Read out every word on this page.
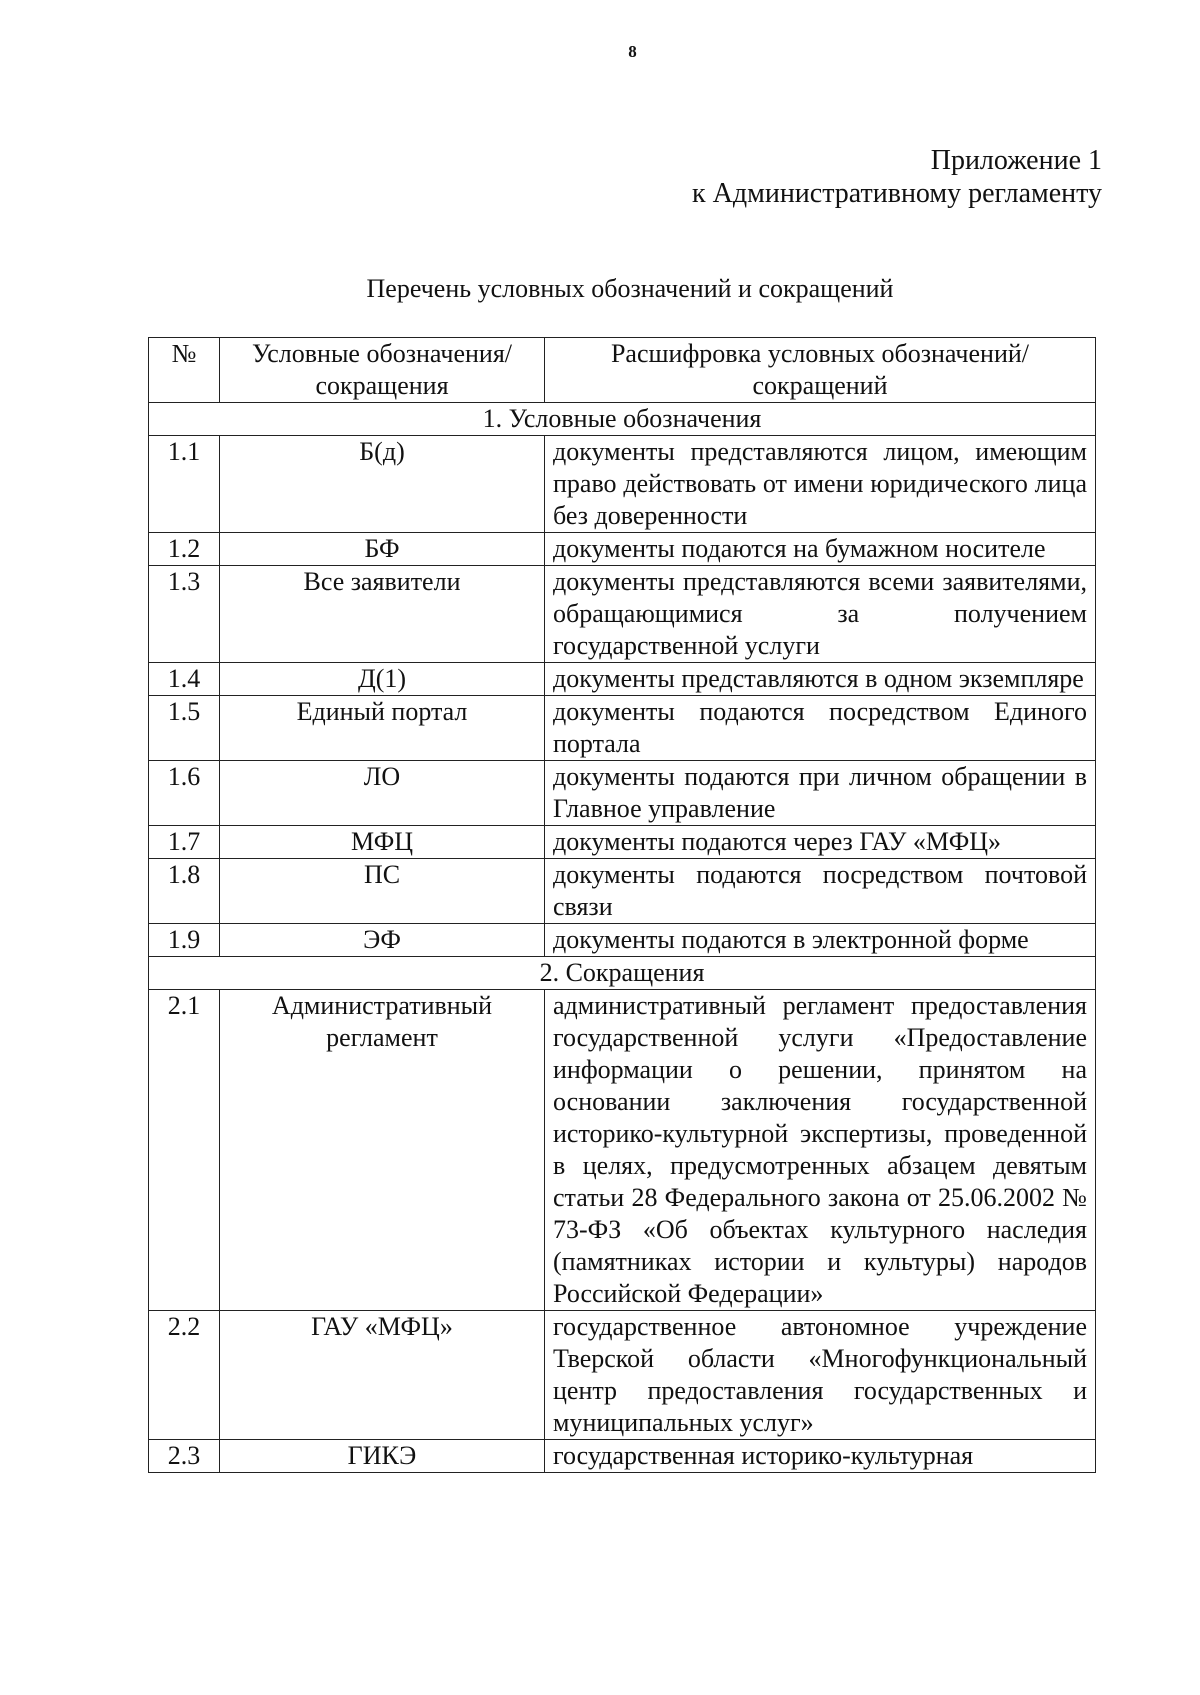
8
Приложение 1
к Административному регламенту
Перечень условных обозначений и сокращений
№	Условные обозначения/сокращения	Расшифровка условных обозначений/сокращений
1. Условные обозначения		
1.1	Б(д)	документы представляются лицом, имеющим право действовать от имени юридического лица без доверенности
1.2	БФ	документы подаются на бумажном носителе
1.3	Все заявители	документы представляются всеми заявителями, обращающимися за получением государственной услуги
1.4	Д(1)	документы представляются в одном экземпляре
1.5	Единый портал	документы подаются посредством Единого портала
1.6	ЛО	документы подаются при личном обращении в Главное управление
1.7	МФЦ	документы подаются через ГАУ «МФЦ»
1.8	ПС	документы подаются посредством почтовой связи
1.9	ЭФ	документы подаются в электронной форме
2. Сокращения		
2.1	Административный регламент	административный регламент предоставления государственной услуги «Предоставление информации о решении, принятом на основании заключения государственной историко-культурной экспертизы, проведенной в целях, предусмотренных абзацем девятым статьи 28 Федерального закона от 25.06.2002 № 73-ФЗ «Об объектах культурного наследия (памятниках истории и культуры) народов Российской Федерации»
2.2	ГАУ «МФЦ»	государственное автономное учреждение Тверской области «Многофункциональный центр предоставления государственных и муниципальных услуг»
2.3	ГИКЭ	государственная историко-культурная
